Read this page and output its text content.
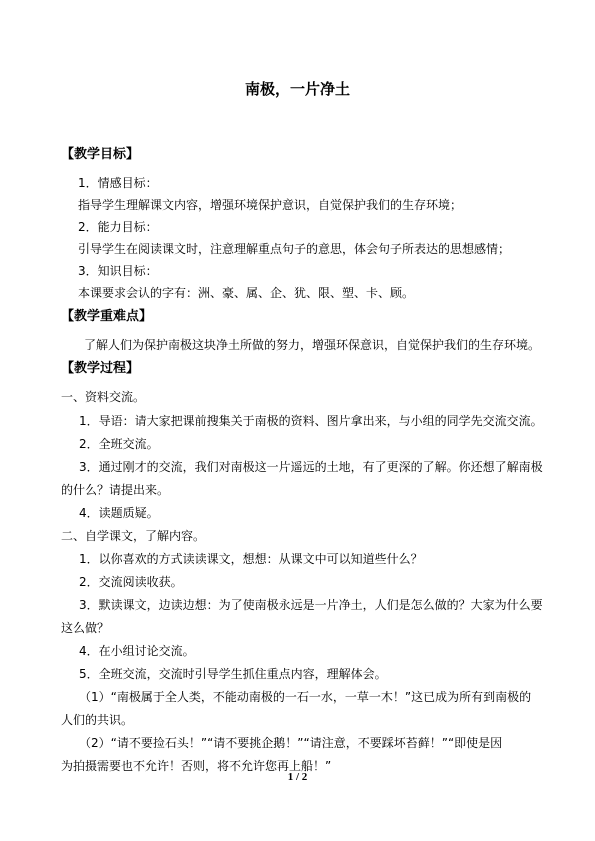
南极，一片净土
【教学目标】
1．情感目标：
指导学生理解课文内容，增强环境保护意识，自觉保护我们的生存环境；
2．能力目标：
引导学生在阅读课文时，注意理解重点句子的意思，体会句子所表达的思想感情；
3．知识目标：
本课要求会认的字有：洲、豪、属、企、犹、限、塑、卡、顾。
【教学重难点】
了解人们为保护南极这块净土所做的努力，增强环保意识，自觉保护我们的生存环境。
【教学过程】
一、资料交流。
1．导语：请大家把课前搜集关于南极的资料、图片拿出来，与小组的同学先交流交流。
2．全班交流。
3．通过刚才的交流，我们对南极这一片遥远的土地，有了更深的了解。你还想了解南极
的什么？请提出来。
4．读题质疑。
二、自学课文，了解内容。
1．以你喜欢的方式读读课文，想想：从课文中可以知道些什么？
2．交流阅读收获。
3．默读课文，边读边想：为了使南极永远是一片净土，人们是怎么做的？大家为什么要
这么做？
4．在小组讨论交流。
5．全班交流，交流时引导学生抓住重点内容，理解体会。
（1）“南极属于全人类，不能动南极的一石一水，一草一木！”这已成为所有到南极的
人们的共识。
（2）“请不要捡石头！”“请不要挑企鹅！”“请注意，不要踩坏苔藓！”“即使是因
为拍摄需要也不允许！否则，将不允许您再上船！”
1 / 2
